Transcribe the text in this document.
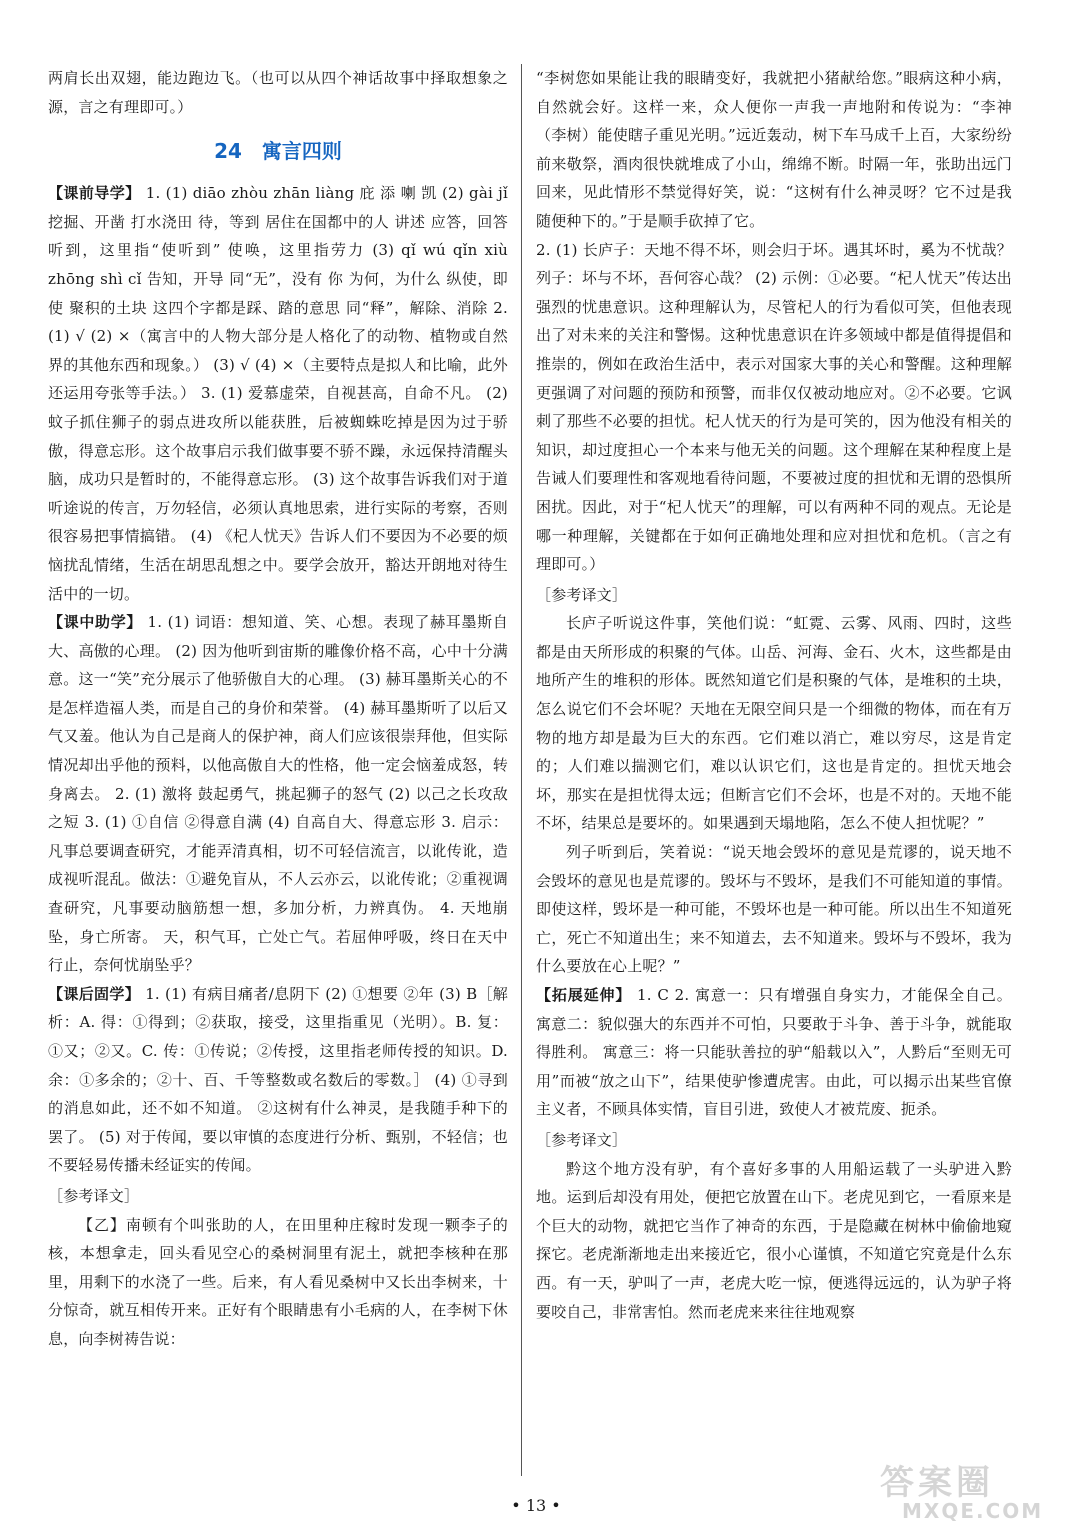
两肩长出双翅，能边跑边飞。（也可以从四个神话故事中择取想象之源，言之有理即可。）

24　寓言四则

【课前导学】 1. (1) diāo zhòu zhān liàng 庇 添 喇 凯 (2) gài jǐ 挖掘、开凿 打水浇田 待，等到 居住在国都中的人 讲述 应答，回答 听到，这里指“使听到” 使唤，这里指劳力 (3) qǐ wú qǐn xiù zhōng shì cǐ 告知，开导 同“无”，没有 你 为何，为什么 纵使，即使 聚积的土块 这四个字都是踩、踏的意思 同“释”，解除、消除 2. (1) √ (2) ×（寓言中的人物大部分是人格化了的动物、植物或自然界的其他东西和现象。） (3) √ (4) ×（主要特点是拟人和比喻，此外还运用夸张等手法。） 3. (1) 爱慕虚荣，自视甚高，自命不凡。 (2) 蚊子抓住狮子的弱点进攻所以能获胜，后被蜘蛛吃掉是因为过于骄傲，得意忘形。这个故事启示我们做事要不骄不躁，永远保持清醒头脑，成功只是暂时的，不能得意忘形。 (3) 这个故事告诉我们对于道听途说的传言，万勿轻信，必须认真地思索，进行实际的考察，否则很容易把事情搞错。 (4) 《杞人忧天》告诉人们不要因为不必要的烦恼扰乱情绪，生活在胡思乱想之中。要学会放开，豁达开朗地对待生活中的一切。

【课中助学】 1. (1) 词语：想知道、笑、心想。表现了赫耳墨斯自大、高傲的心理。 (2) 因为他听到宙斯的雕像价格不高，心中十分满意。这一“笑”充分展示了他骄傲自大的心理。 (3) 赫耳墨斯关心的不是怎样造福人类，而是自己的身价和荣誉。 (4) 赫耳墨斯听了以后又气又羞。他认为自己是商人的保护神，商人们应该很崇拜他，但实际情况却出乎他的预料，以他高傲自大的性格，他一定会恼羞成怒，转身离去。 2. (1) 激将 鼓起勇气，挑起狮子的怒气 (2) 以己之长攻敌之短 3. (1) ①自信 ②得意自满 (4) 自高自大、得意忘形 3. 启示：凡事总要调查研究，才能弄清真相，切不可轻信流言，以讹传讹，造成视听混乱。做法：①避免盲从，不人云亦云，以讹传讹；②重视调查研究，凡事要动脑筋想一想，多加分析，力辨真伪。 4. 天地崩坠，身亡所寄。 天，积气耳，亡处亡气。若屈伸呼吸，终日在天中行止，奈何忧崩坠乎？

【课后固学】 1. (1) 有病目痛者/息阴下 (2) ①想要 ②年 (3) B［解析：A. 得：①得到；②获取，接受，这里指重见（光明）。B. 复：①又；②又。C. 传：①传说；②传授，这里指老师传授的知识。D. 余：①多余的；②十、百、千等整数或名数后的零数。］ (4) ①寻到的消息如此，还不如不知道。 ②这树有什么神灵，是我随手种下的罢了。 (5) 对于传闻，要以审慎的态度进行分析、甄别，不轻信；也不要轻易传播未经证实的传闻。

［参考译文］

【乙】南顿有个叫张助的人，在田里种庄稼时发现一颗李子的核，本想拿走，回头看见空心的桑树洞里有泥土，就把李核种在那里，用剩下的水浇了一些。后来，有人看见桑树中又长出李树来，十分惊奇，就互相传开来。正好有个眼睛患有小毛病的人，在李树下休息，向李树祷告说：

“李树您如果能让我的眼睛变好，我就把小猪献给您。”眼病这种小病，自然就会好。这样一来，众人便你一声我一声地附和传说为：“李神（李树）能使瞎子重见光明。”远近轰动，树下车马成千上百，大家纷纷前来敬祭，酒肉很快就堆成了小山，绵绵不断。时隔一年，张助出远门回来，见此情形不禁觉得好笑，说：“这树有什么神灵呀？它不过是我随便种下的。”于是顺手砍掉了它。

2. (1) 长庐子：天地不得不坏，则会归于坏。遇其坏时，奚为不忧哉？ 列子：坏与不坏，吾何容心哉？ (2) 示例：①必要。“杞人忧天”传达出强烈的忧患意识。这种理解认为，尽管杞人的行为看似可笑，但他表现出了对未来的关注和警惕。这种忧患意识在许多领域中都是值得提倡和推崇的，例如在政治生活中，表示对国家大事的关心和警醒。这种理解更强调了对问题的预防和预警，而非仅仅被动地应对。②不必要。它讽刺了那些不必要的担忧。杞人忧天的行为是可笑的，因为他没有相关的知识，却过度担心一个本来与他无关的问题。这个理解在某种程度上是告诫人们要理性和客观地看待问题，不要被过度的担忧和无谓的恐惧所困扰。因此，对于“杞人忧天”的理解，可以有两种不同的观点。无论是哪一种理解，关键都在于如何正确地处理和应对担忧和危机。（言之有理即可。）

［参考译文］

长庐子听说这件事，笑他们说：“虹霓、云雾、风雨、四时，这些都是由天所形成的积聚的气体。山岳、河海、金石、火木，这些都是由地所产生的堆积的形体。既然知道它们是积聚的气体，是堆积的土块，怎么说它们不会坏呢？天地在无限空间只是一个细微的物体，而在有万物的地方却是最为巨大的东西。它们难以消亡，难以穷尽，这是肯定的；人们难以揣测它们，难以认识它们，这也是肯定的。担忧天地会坏，那实在是担忧得太远；但断言它们不会坏，也是不对的。天地不能不坏，结果总是要坏的。如果遇到天塌地陷，怎么不使人担忧呢？”

列子听到后，笑着说：“说天地会毁坏的意见是荒谬的，说天地不会毁坏的意见也是荒谬的。毁坏与不毁坏，是我们不可能知道的事情。即使这样，毁坏是一种可能，不毁坏也是一种可能。所以出生不知道死亡，死亡不知道出生；来不知道去，去不知道来。毁坏与不毁坏，我为什么要放在心上呢？”

【拓展延伸】 1. C 2. 寓意一：只有增强自身实力，才能保全自己。 寓意二：貌似强大的东西并不可怕，只要敢于斗争、善于斗争，就能取得胜利。 寓意三：将一只能驮善拉的驴“船载以入”，人黔后“至则无可用”而被“放之山下”，结果使驴惨遭虎害。由此，可以揭示出某些官僚主义者，不顾具体实情，盲目引进，致使人才被荒废、扼杀。

［参考译文］

黔这个地方没有驴，有个喜好多事的人用船运载了一头驴进入黔地。运到后却没有用处，便把它放置在山下。老虎见到它，一看原来是个巨大的动物，就把它当作了神奇的东西，于是隐藏在树林中偷偷地窥探它。老虎渐渐地走出来接近它，很小心谨慎，不知道它究竟是什么东西。有一天，驴叫了一声，老虎大吃一惊，便逃得远远的，认为驴子将要咬自己，非常害怕。然而老虎来来往往地观察

• 13 •
答案圈
MXQE.COM
